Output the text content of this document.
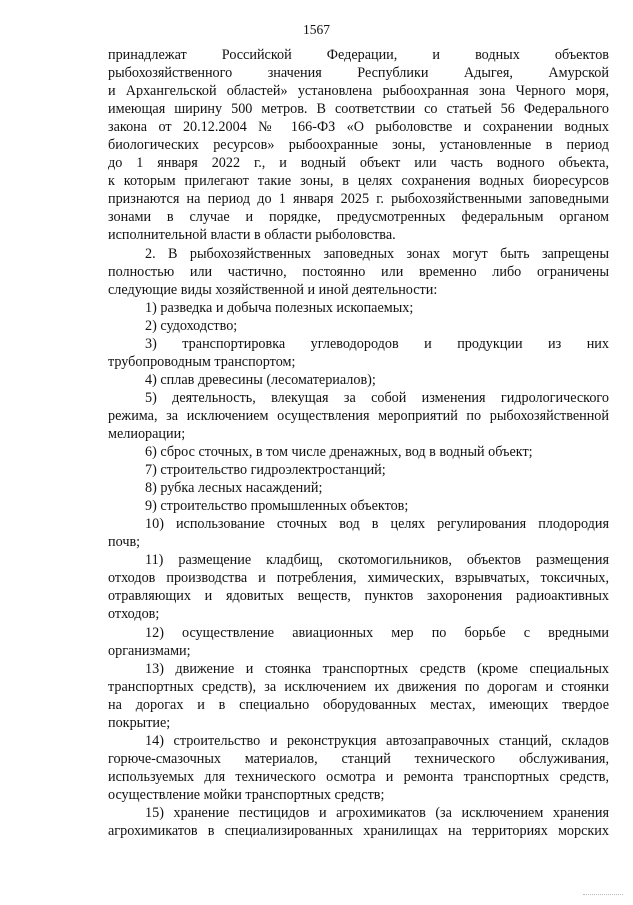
1567
принадлежат Российской Федерации, и водных объектов
рыбохозяйственного значения Республики Адыгея, Амурской
и Архангельской областей» установлена рыбоохранная зона Черного моря,
имеющая ширину 500 метров. В соответствии со статьей 56 Федерального
закона от 20.12.2004 № 166-ФЗ «О рыболовстве и сохранении водных
биологических ресурсов» рыбоохранные зоны, установленные в период
до 1 января 2022 г., и водный объект или часть водного объекта,
к которым прилегают такие зоны, в целях сохранения водных биоресурсов
признаются на период до 1 января 2025 г. рыбохозяйственными заповедными
зонами в случае и порядке, предусмотренных федеральным органом
исполнительной власти в области рыболовства.
2. В рыбохозяйственных заповедных зонах могут быть запрещены
полностью или частично, постоянно или временно либо ограничены
следующие виды хозяйственной и иной деятельности:
1) разведка и добыча полезных ископаемых;
2) судоходство;
3) транспортировка углеводородов и продукции из них
трубопроводным транспортом;
4) сплав древесины (лесоматериалов);
5) деятельность, влекущая за собой изменения гидрологического
режима, за исключением осуществления мероприятий по рыбохозяйственной
мелиорации;
6) сброс сточных, в том числе дренажных, вод в водный объект;
7) строительство гидроэлектростанций;
8) рубка лесных насаждений;
9) строительство промышленных объектов;
10) использование сточных вод в целях регулирования плодородия
почв;
11) размещение кладбищ, скотомогильников, объектов размещения
отходов производства и потребления, химических, взрывчатых, токсичных,
отравляющих и ядовитых веществ, пунктов захоронения радиоактивных
отходов;
12) осуществление авиационных мер по борьбе с вредными
организмами;
13) движение и стоянка транспортных средств (кроме специальных
транспортных средств), за исключением их движения по дорогам и стоянки
на дорогах и в специально оборудованных местах, имеющих твердое
покрытие;
14) строительство и реконструкция автозаправочных станций, складов
горюче-смазочных материалов, станций технического обслуживания,
используемых для технического осмотра и ремонта транспортных средств,
осуществление мойки транспортных средств;
15) хранение пестицидов и агрохимикатов (за исключением хранения
агрохимикатов в специализированных хранилищах на территориях морских
